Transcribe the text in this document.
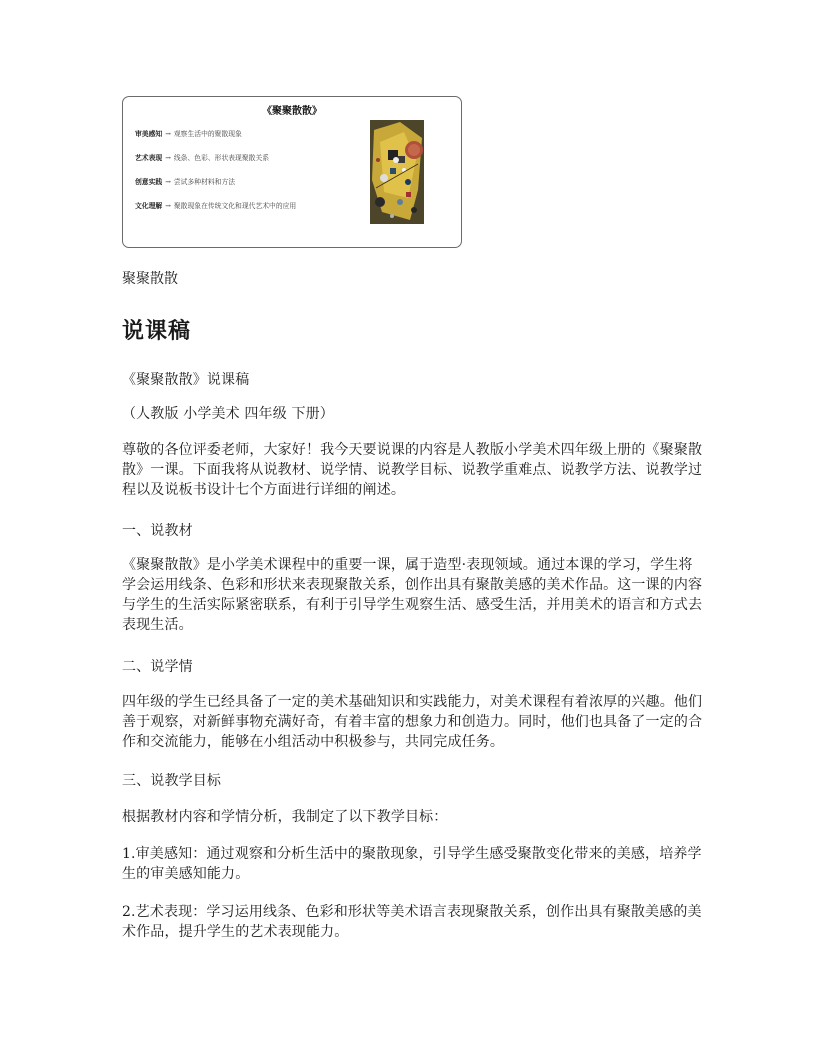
《聚聚散散》
审美感知 → 观察生活中的聚散现象
艺术表现 → 线条、色彩、形状表现聚散关系
创意实践 → 尝试多种材料和方法
文化理解 → 聚散现象在传统文化和现代艺术中的应用
聚聚散散
说课稿
《聚聚散散》说课稿
（人教版 小学美术 四年级 下册）
尊敬的各位评委老师，大家好！我今天要说课的内容是人教版小学美术四年级上册的《聚聚散散》一课。下面我将从说教材、说学情、说教学目标、说教学重难点、说教学方法、说教学过程以及说板书设计七个方面进行详细的阐述。
一、说教材
《聚聚散散》是小学美术课程中的重要一课，属于造型·表现领域。通过本课的学习，学生将学会运用线条、色彩和形状来表现聚散关系，创作出具有聚散美感的美术作品。这一课的内容与学生的生活实际紧密联系，有利于引导学生观察生活、感受生活，并用美术的语言和方式去表现生活。
二、说学情
四年级的学生已经具备了一定的美术基础知识和实践能力，对美术课程有着浓厚的兴趣。他们善于观察，对新鲜事物充满好奇，有着丰富的想象力和创造力。同时，他们也具备了一定的合作和交流能力，能够在小组活动中积极参与，共同完成任务。
三、说教学目标
根据教材内容和学情分析，我制定了以下教学目标：
1.审美感知：通过观察和分析生活中的聚散现象，引导学生感受聚散变化带来的美感，培养学生的审美感知能力。
2.艺术表现：学习运用线条、色彩和形状等美术语言表现聚散关系，创作出具有聚散美感的美术作品，提升学生的艺术表现能力。
